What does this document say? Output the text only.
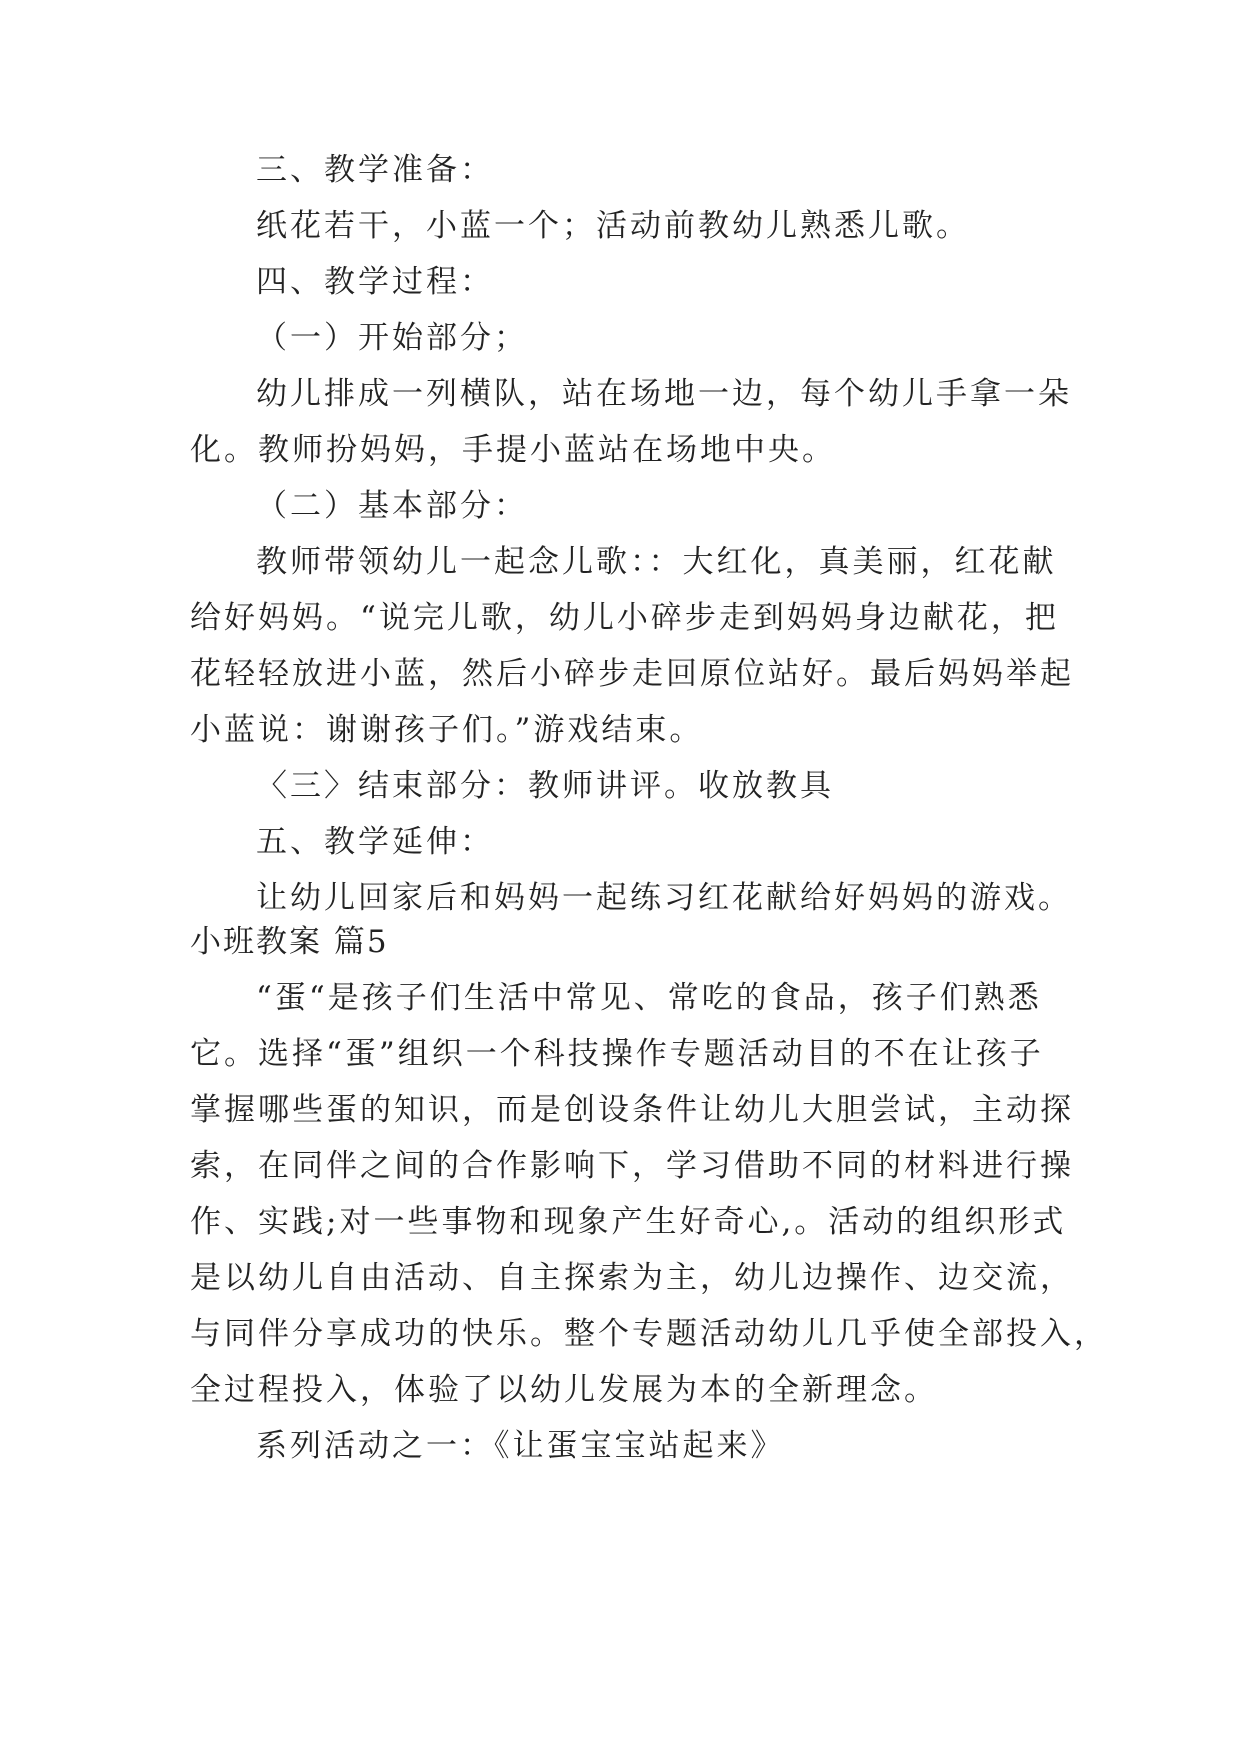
三、教学准备：
纸花若干，小蓝一个；活动前教幼儿熟悉儿歌。
四、教学过程：
（一）开始部分；
幼儿排成一列横队，站在场地一边，每个幼儿手拿一朵
化。教师扮妈妈，手提小蓝站在场地中央。
（二）基本部分：
教师带领幼儿一起念儿歌：：大红化，真美丽，红花献
给好妈妈。“说完儿歌，幼儿小碎步走到妈妈身边献花，把
花轻轻放进小蓝，然后小碎步走回原位站好。最后妈妈举起
小蓝说：谢谢孩子们。”游戏结束。
〈三〉结束部分：教师讲评。收放教具
五、教学延伸：
让幼儿回家后和妈妈一起练习红花献给好妈妈的游戏。
小班教案 篇5
“蛋“是孩子们生活中常见、常吃的食品，孩子们熟悉
它。选择“蛋”组织一个科技操作专题活动目的不在让孩子
掌握哪些蛋的知识，而是创设条件让幼儿大胆尝试，主动探
索，在同伴之间的合作影响下，学习借助不同的材料进行操
作、实践;对一些事物和现象产生好奇心,。活动的组织形式
是以幼儿自由活动、自主探索为主，幼儿边操作、边交流，
与同伴分享成功的快乐。整个专题活动幼儿几乎使全部投入，
全过程投入，体验了以幼儿发展为本的全新理念。
系列活动之一：《让蛋宝宝站起来》
